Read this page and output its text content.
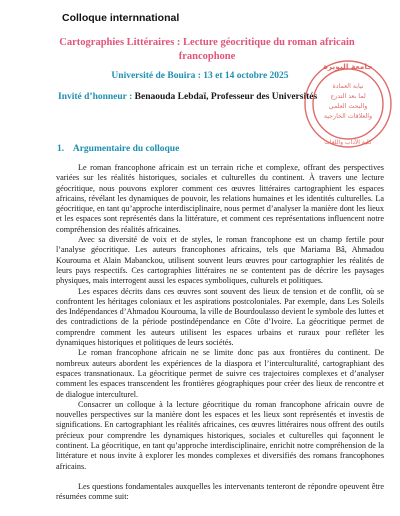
Colloque internnational
Cartographies Littéraires : Lecture géocritique du roman africain francophone
Université de Bouira : 13 et 14 octobre 2025
Invité d’honneur : Benaouda Lebdaï, Professeur des Universités
1. Argumentaire du colloque

Le roman francophone africain est un terrain riche et complexe, offrant des perspectives variées sur les réalités historiques, sociales et culturelles du continent. À travers une lecture géocritique, nous pouvons explorer comment ces œuvres littéraires cartographient les espaces africains, révélant les dynamiques de pouvoir, les relations humaines et les identités culturelles. La géocritique, en tant qu’approche interdisciplinaire, nous permet d’analyser la manière dont les lieux et les espaces sont représentés dans la littérature, et comment ces représentations influencent notre compréhension des réalités africaines.

Avec sa diversité de voix et de styles, le roman francophone est un champ fertile pour l’analyse géocritique. Les auteurs francophones africains, tels que Mariama Bâ, Ahmadou Kourouma et Alain Mabanckou, utilisent souvent leurs œuvres pour cartographier les réalités de leurs pays respectifs. Ces cartographies littéraires ne se contentent pas de décrire les paysages physiques, mais interrogent aussi les espaces symboliques, culturels et politiques.

Les espaces décrits dans ces œuvres sont souvent des lieux de tension et de conflit, où se confrontent les héritages coloniaux et les aspirations postcoloniales. Par exemple, dans Les Soleils des Indépendances d’Ahmadou Kourouma, la ville de Bourdoulasso devient le symbole des luttes et des contradictions de la période postindépendance en Côte d’Ivoire. La géocritique permet de comprendre comment les auteurs utilisent les espaces urbains et ruraux pour refléter les dynamiques historiques et politiques de leurs sociétés.

Le roman francophone africain ne se limite donc pas aux frontières du continent. De nombreux auteurs abordent les expériences de la diaspora et l’interculturalité, cartographiant des espaces transnationaux. La géocritique permet de suivre ces trajectoires complexes et d’analyser comment les espaces transcendent les frontières géographiques pour créer des lieux de rencontre et de dialogue interculturel.

Consacrer un colloque à la lecture géocritique du roman francophone africain ouvre de nouvelles perspectives sur la manière dont les espaces et les lieux sont représentés et investis de significations. En cartographiant les réalités africaines, ces œuvres littéraires nous offrent des outils précieux pour comprendre les dynamiques historiques, sociales et culturelles qui façonnent le continent. La géocritique, en tant qu’approche interdisciplinaire, enrichit notre compréhension de la littérature et nous invite à explorer les mondes complexes et diversifiés des romans francophones africains.

Les questions fondamentales auxquelles les intervenants tenteront de répondre opeuvent être résumées comme suit:

جامعة البويرة
نيابة العمادة
لما بعد التدرج
والبحث العلمي
والعلاقات الخارجية
كلية الآداب واللغات
